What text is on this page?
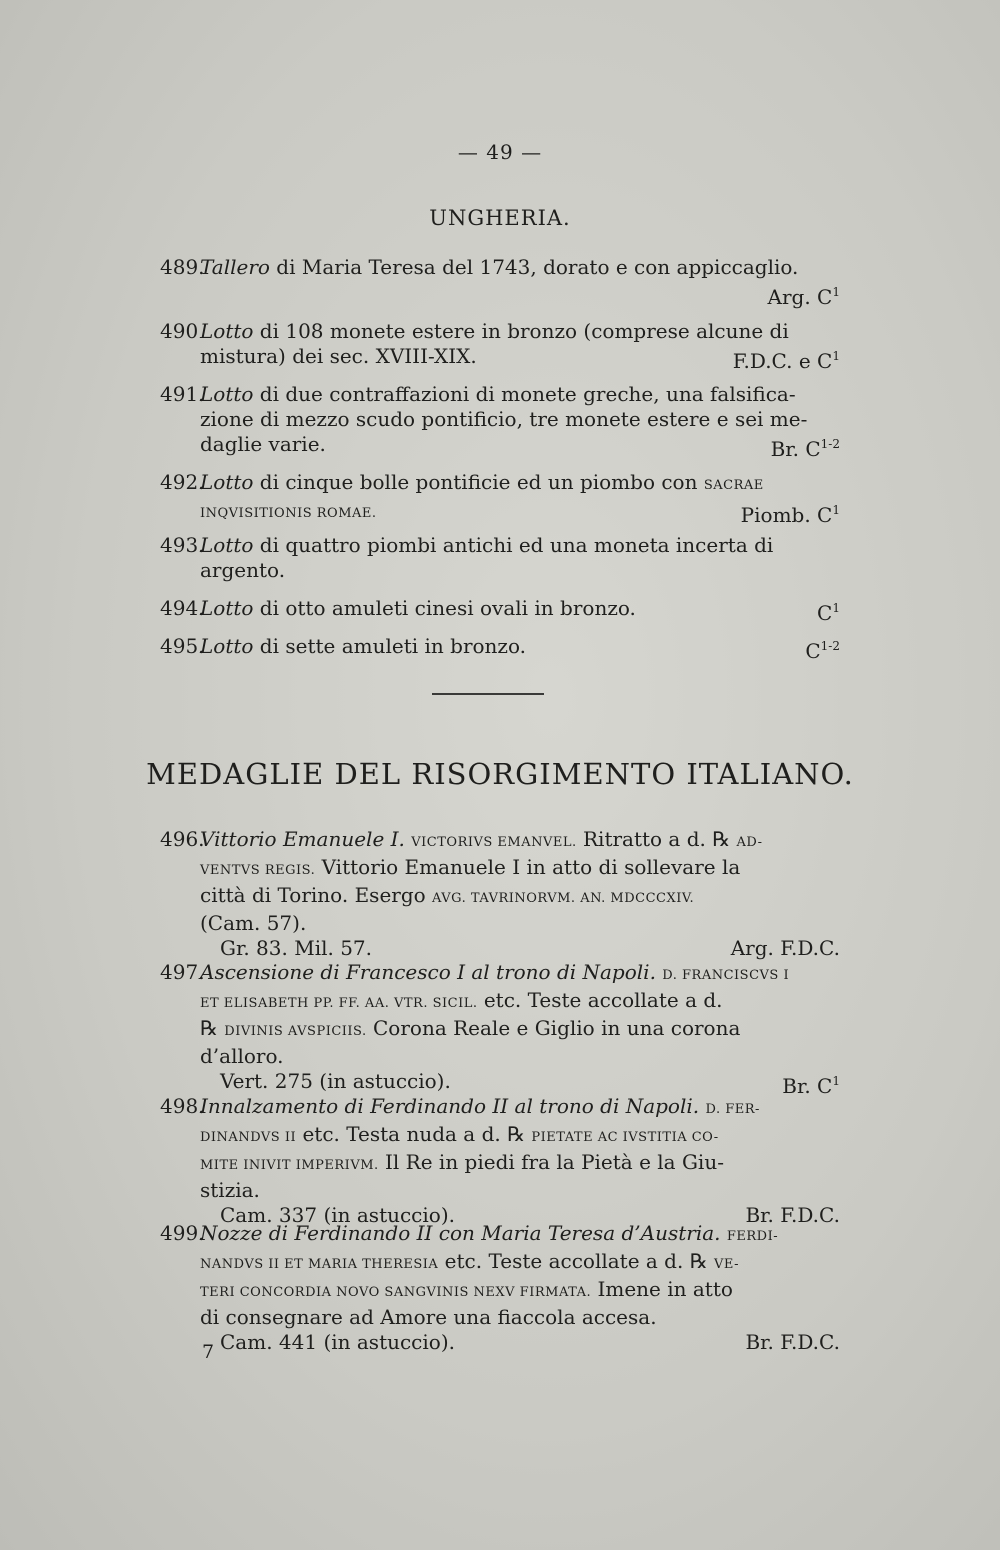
— 49 —
UNGHERIA.
489.Tallero di Maria Teresa del 1743, dorato e con appiccaglio.

Arg. $C^1$
490Lotto di 108 monete estere in bronzo (comprese alcune di
mistura) dei sec. XVIII-XIX.	F.D.C. e $C^1$
491.Lotto di due contraffazioni di monete greche, una falsifica-
zione di mezzo scudo pontificio, tre monete estere e sei me-
daglie varie.	Br. $C^{1-2}$
492.Lotto di cinque bolle pontificie ed un piombo con SACRAE
INQVISITIONIS ROMAE.	Piomb. $C^1$
493.Lotto di quattro piombi antichi ed una moneta incerta di
argento.
494.Lotto di otto amuleti cinesi ovali in bronzo.	$C^1$
495.Lotto di sette amuleti in bronzo.	$C^{1-2}$
MEDAGLIE DEL RISORGIMENTO ITALIANO.
496.Vittorio Emanuele I. VICTORIVS EMANVEL. Ritratto a d. ℞ AD-
VENTVS REGIS. Vittorio Emanuele I in atto di sollevare la
città di Torino. Esergo AVG. TAVRINORVM. AN. MDCCCXIV.
(Cam. 57).
Gr. 83. Mil. 57.	Arg. F.D.C.
497.Ascensione di Francesco I al trono di Napoli. D. FRANCISCVS I
ET ELISABETH PP. FF. AA. VTR. SICIL. etc. Teste accollate a d.
℞ DIVINIS AVSPICIIS. Corona Reale e Giglio in una corona
d’alloro.
Vert. 275 (in astuccio).	Br. $C^1$
498.Innalzamento di Ferdinando II al trono di Napoli. D. FER-
DINANDVS II etc. Testa nuda a d. ℞ PIETATE AC IVSTITIA CO-
MITE INIVIT IMPERIVM. Il Re in piedi fra la Pietà e la Giu-
stizia.
Cam. 337 (in astuccio).	Br. F.D.C.
499.Nozze di Ferdinando II con Maria Teresa d’Austria. FERDI-
NANDVS II ET MARIA THERESIA etc. Teste accollate a d. ℞ VE-
TERI CONCORDIA NOVO SANGVINIS NEXV FIRMATA. Imene in atto
di consegnare ad Amore una fiaccola accesa.
Cam. 441 (in astuccio).	Br. F.D.C.
7
